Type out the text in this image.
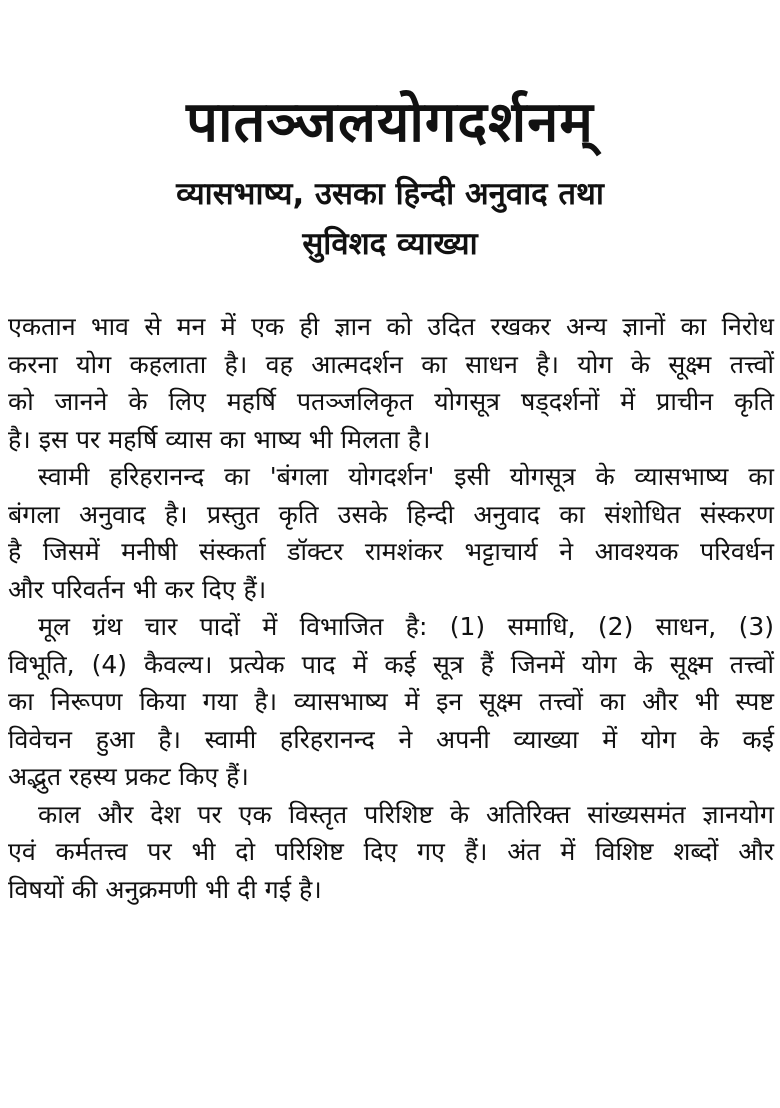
पातञ्जलयोगदर्शनम्
व्यासभाष्य, उसका हिन्दी अनुवाद तथा
सुविशद व्याख्या
एकतान भाव से मन में एक ही ज्ञान को उदित रखकर अन्य ज्ञानों का निरोध
करना योग कहलाता है। वह आत्मदर्शन का साधन है। योग के सूक्ष्म तत्त्वों
को जानने के लिए महर्षि पतञ्जलिकृत योगसूत्र षड्दर्शनों में प्राचीन कृति
है। इस पर महर्षि व्यास का भाष्य भी मिलता है।
स्वामी हरिहरानन्द का 'बंगला योगदर्शन' इसी योगसूत्र के व्यासभाष्य का
बंगला अनुवाद है। प्रस्तुत कृति उसके हिन्दी अनुवाद का संशोधित संस्करण
है जिसमें मनीषी संस्कर्ता डॉक्टर रामशंकर भट्टाचार्य ने आवश्यक परिवर्धन
और परिवर्तन भी कर दिए हैं।
मूल ग्रंथ चार पादों में विभाजित है: (1) समाधि, (2) साधन, (3)
विभूति, (4) कैवल्य। प्रत्येक पाद में कई सूत्र हैं जिनमें योग के सूक्ष्म तत्त्वों
का निरूपण किया गया है। व्यासभाष्य में इन सूक्ष्म तत्त्वों का और भी स्पष्ट
विवेचन हुआ है। स्वामी हरिहरानन्द ने अपनी व्याख्या में योग के कई
अद्भुत रहस्य प्रकट किए हैं।
काल और देश पर एक विस्तृत परिशिष्ट के अतिरिक्त सांख्यसमंत ज्ञानयोग
एवं कर्मतत्त्व पर भी दो परिशिष्ट दिए गए हैं। अंत में विशिष्ट शब्दों और
विषयों की अनुक्रमणी भी दी गई है।
